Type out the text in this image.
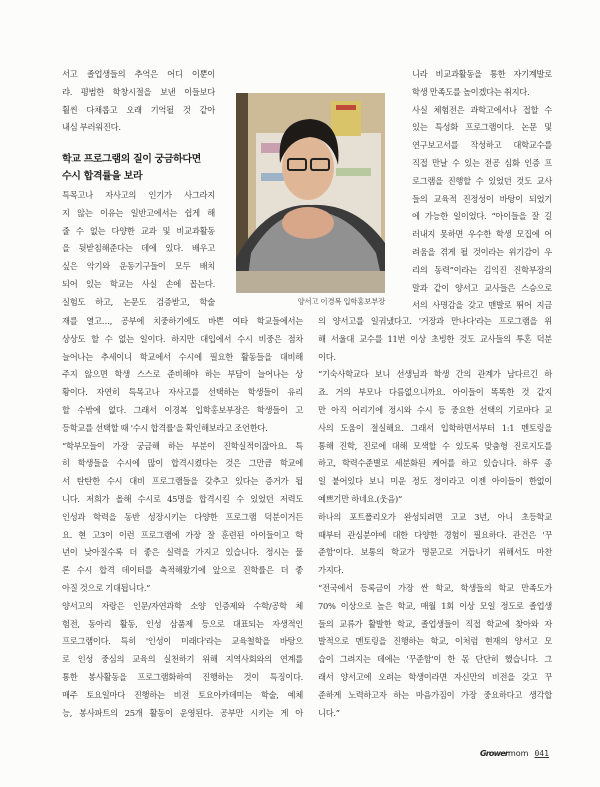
서고 졸업생들의 추억은 어디 이뿐이
랴. 평범한 학창시절을 보낸 이들보다
훨씬 다채롭고 오래 기억될 것 같아
내심 부러워진다.
학교 프로그램의 질이 궁금하다면
수시 합격률을 보라
특목고나 자사고의 인기가 사그라지
지 않는 이유는 일반고에서는 쉽게 해
줄 수 없는 다양한 교과 및 비교과활동
을 뒷받침해준다는 데에 있다. 배우고
싶은 악기와 운동기구들이 모두 배치
되어 있는 학교는 사실 손에 꼽는다.
실험도 하고, 논문도 검증받고, 학술
재를 열고…, 공부에 치중하기에도 바쁜 여타 학교들에서는
상상도 할 수 없는 일이다. 하지만 대입에서 수시 비중은 점차
늘어나는 추세이니 학교에서 수시에 필요한 활동들을 대비해
주지 않으면 학생 스스로 준비해야 하는 부담이 늘어나는 상
황이다. 자연히 특목고나 자사고를 선택하는 학생들이 유리
할 수밖에 없다. 그래서 이경복 입학홍보부장은 학생들이 고
등학교를 선택할 때 '수시 합격률'을 확인해보라고 조언한다.
“학부모들이 가장 궁금해 하는 부분이 진학실적이잖아요. 특
히 학생들을 수시에 많이 합격시켰다는 것은 그만큼 학교에
서 탄탄한 수시 대비 프로그램들을 갖추고 있다는 증거가 됩
니다. 저희가 올해 수시로 45명을 합격시킬 수 있었던 저력도
인성과 학력을 동반 성장시키는 다양한 프로그램 덕분이거든
요. 현 고3이 이런 프로그램에 가장 잘 훈련된 아이들이고 학
년이 낮아질수록 더 좋은 실력을 가지고 있습니다. 정시는 물
론 수시 합격 데이터를 축적해왔기에 앞으로 진학률은 더 좋
아질 것으로 기대됩니다.”
양서고의 자랑은 인문/자연과학 소양 인증제와 수학/공학 체
험전, 동아리 활동, 인성 삼품제 등으로 대표되는 자생적인
프로그램이다. 특히 '인성이 미래다'라는 교육철학을 바탕으
로 인성 중심의 교육의 실천하기 위해 지역사회와의 연계를
통한 봉사활동을 프로그램화하여 진행하는 것이 특징이다.
매주 토요일마다 진행하는 비전 토요아카데미는 학술, 예체
능, 봉사파트의 25개 활동이 운영된다. 공부만 시키는 게 아
니라 비교과활동을 통한 자기계발로
학생 만족도를 높이겠다는 취지다.
사실 체험전은 과학고에서나 접할 수
있는 특성화 프로그램이다. 논문 및
연구보고서를 작성하고 대학교수를
직접 만날 수 있는 전공 심화 인증 프
로그램을 진행할 수 있었던 것도 교사
들의 교육적 진정성이 바탕이 되었기
에 가능한 일이었다. “아이들을 잘 길
러내지 못하면 우수한 학생 모집에 어
려움을 겪게 될 것이라는 위기감이 우
리의 동력”이라는 김익진 진학부장의
말과 같이 양서고 교사들은 스승으로
서의 사명감을 갖고 맨발로 뛰어 지금
의 양서고를 일궈냈다고. '거장과 만나다'라는 프로그램을 위
해 서울대 교수를 11번 이상 초빙한 것도 교사들의 투혼 덕분
이다.
“기숙사학교다 보니 선생님과 학생 간의 관계가 남다르긴 하
죠. 거의 부모나 다름없으니까요. 아이들이 똑똑한 것 같지
만 아직 어리기에 정시와 수시 등 중요한 선택의 기로마다 교
사의 도움이 절실해요. 그래서 입학하면서부터 1:1 멘토링을
통해 진학, 진로에 대해 모색할 수 있도록 맞춤형 진로지도를
하고, 학력수준별로 세분화된 케어를 하고 있습니다. 하루 종
일 붙어있다 보니 미운 정도 정이라고 이젠 아이들이 한없이
예쁘기만 하네요.(웃음)”
하나의 포트폴리오가 완성되려면 고교 3년, 아니 초등학교
때부터 관심분야에 대한 다양한 경험이 필요하다. 관건은 '꾸
준함'이다. 보통의 학교가 명문고로 거듭나기 위해서도 마찬
가지다.
“전국에서 등록금이 가장 싼 학교, 학생들의 학교 만족도가
70% 이상으로 높은 학교, 매월 1회 이상 모일 정도로 졸업생
들의 교류가 활발한 학교, 졸업생들이 직접 학교에 찾아와 자
발적으로 멘토링을 진행하는 학교, 이처럼 현재의 양서고 모
습이 그려지는 데에는 '꾸준함'이 한 몫 단단히 했습니다. 그
래서 양서고에 오려는 학생이라면 자신만의 비전을 갖고 꾸
준하게 노력하고자 하는 마음가짐이 가장 중요하다고 생각합
니다.”
양서고 이경복 입학홍보부장
Growermom 041
